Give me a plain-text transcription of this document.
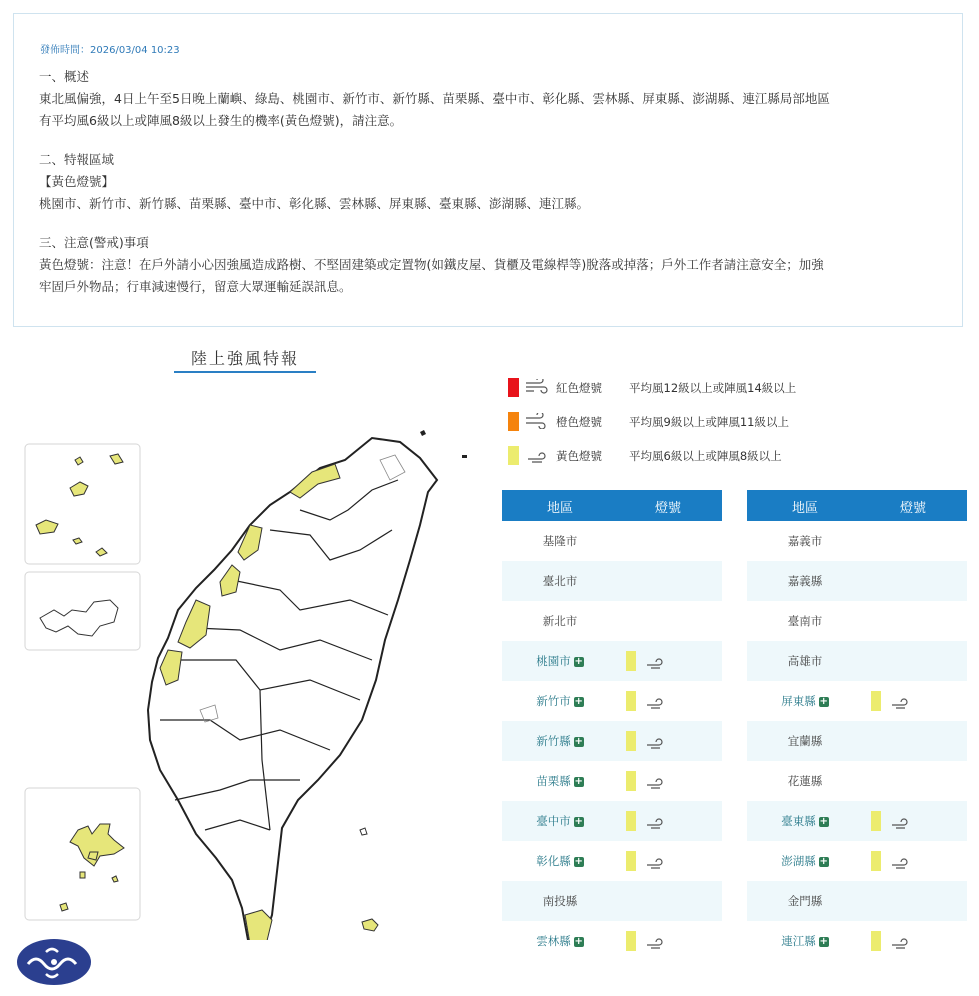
發佈時間：2026/03/04 10:23
一、概述
東北風偏強，4日上午至5日晚上蘭嶼、綠島、桃園市、新竹市、新竹縣、苗栗縣、臺中市、彰化縣、雲林縣、屏東縣、澎湖縣、連江縣局部地區
有平均風6級以上或陣風8級以上發生的機率(黃色燈號)，請注意。
二、特報區域
【黃色燈號】
桃園市、新竹市、新竹縣、苗栗縣、臺中市、彰化縣、雲林縣、屏東縣、臺東縣、澎湖縣、連江縣。
三、注意(警戒)事項
黃色燈號：注意！在戶外請小心因強風造成路樹、不堅固建築或定置物(如鐵皮屋、貨櫃及電線桿等)脫落或掉落；戶外工作者請注意安全；加強
牢固戶外物品；行車減速慢行，留意大眾運輸延誤訊息。
陸上強風特報
紅色燈號 平均風12級以上或陣風14級以上
橙色燈號 平均風9級以上或陣風11級以上
黃色燈號 平均風6級以上或陣風8級以上
地區	燈號
基隆市
臺北市
新北市
桃園市 +
新竹市 +
新竹縣 +
苗栗縣 +
臺中市 +
彰化縣 +
南投縣
雲林縣 +
地區	燈號
嘉義市
嘉義縣
臺南市
高雄市
屏東縣 +
宜蘭縣
花蓮縣
臺東縣 +
澎湖縣 +
金門縣
連江縣 +
